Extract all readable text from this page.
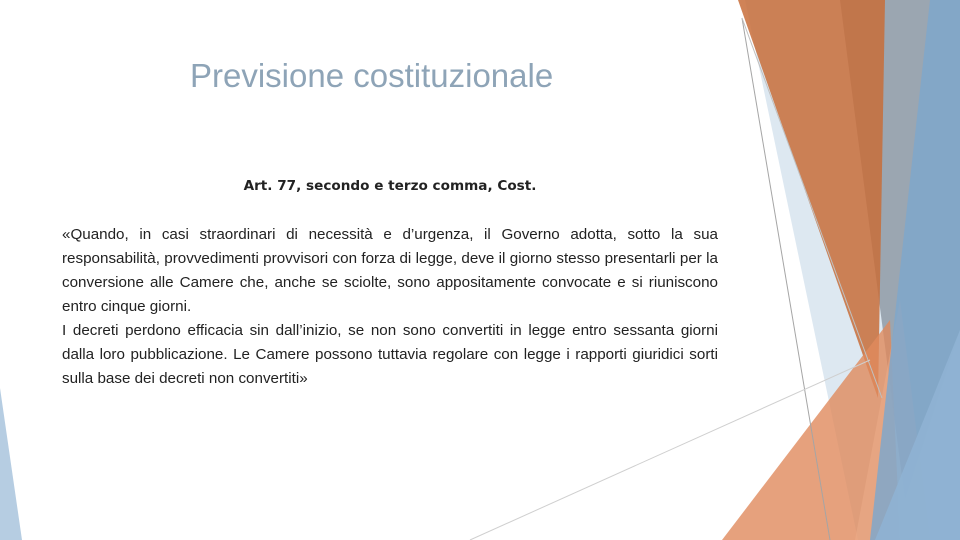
Previsione costituzionale
Art. 77, secondo e terzo comma, Cost.

«Quando, in casi straordinari di necessità e d’urgenza, il Governo adotta, sotto la sua responsabilità, provvedimenti provvisori con forza di legge, deve il giorno stesso presentarli per la conversione alle Camere che, anche se sciolte, sono appositamente convocate e si riuniscono entro cinque giorni.

I decreti perdono efficacia sin dall’inizio, se non sono convertiti in legge entro sessanta giorni dalla loro pubblicazione. Le Camere possono tuttavia regolare con legge i rapporti giuridici sorti sulla base dei decreti non convertiti»
